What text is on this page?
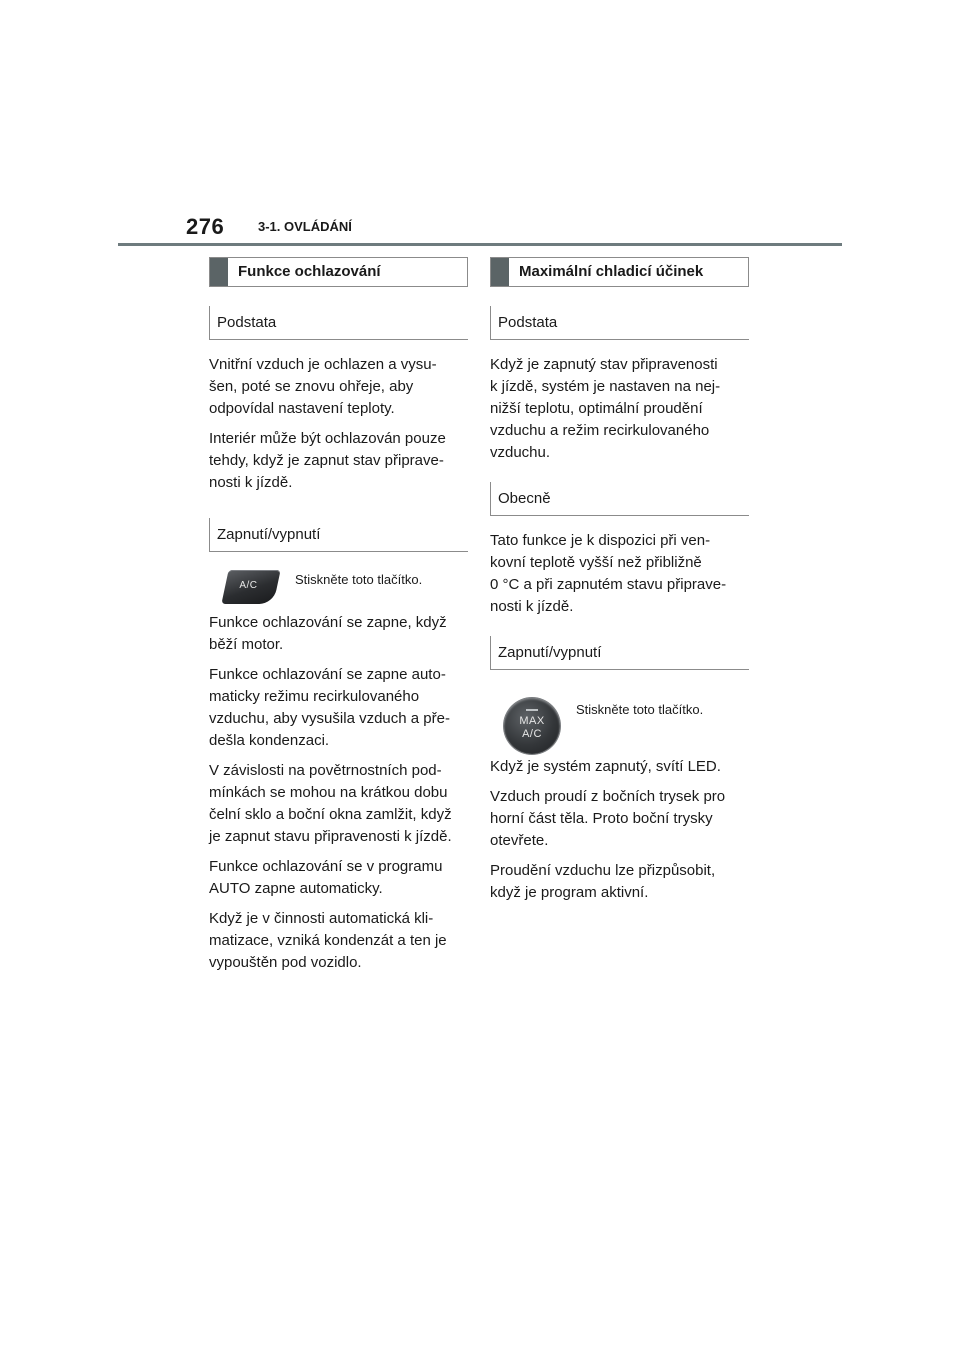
276	3-1. OVLÁDÁNÍ
Funkce ochlazování
Podstata

Vnitřní vzduch je ochlazen a vysu-
šen, poté se znovu ohřeje, aby
odpovídal nastavení teploty.

Interiér může být ochlazován pouze
tehdy, když je zapnut stav připrave-
nosti k jízdě.

Zapnutí/vypnutí
A/C	Stiskněte toto tlačítko.

Funkce ochlazování se zapne, když
běží motor.

Funkce ochlazování se zapne auto-
maticky režimu recirkulovaného
vzduchu, aby vysušila vzduch a pře-
dešla kondenzaci.

V závislosti na povětrnostních pod-
mínkách se mohou na krátkou dobu
čelní sklo a boční okna zamlžit, když
je zapnut stavu připravenosti k jízdě.

Funkce ochlazování se v programu
AUTO zapne automaticky.

Když je v činnosti automatická kli-
matizace, vzniká kondenzát a ten je
vypouštěn pod vozidlo.

Maximální chladicí účinek
Podstata

Když je zapnutý stav připravenosti
k jízdě, systém je nastaven na nej-
nižší teplotu, optimální proudění
vzduchu a režim recirkulovaného
vzduchu.

Obecně

Tato funkce je k dispozici při ven-
kovní teplotě vyšší než přibližně
0 °C a při zapnutém stavu připrave-
nosti k jízdě.

Zapnutí/vypnutí
MAX
A/C
Stiskněte toto tlačítko.

Když je systém zapnutý, svítí LED.

Vzduch proudí z bočních trysek pro
horní část těla. Proto boční trysky
otevřete.

Proudění vzduchu lze přizpůsobit,
když je program aktivní.
